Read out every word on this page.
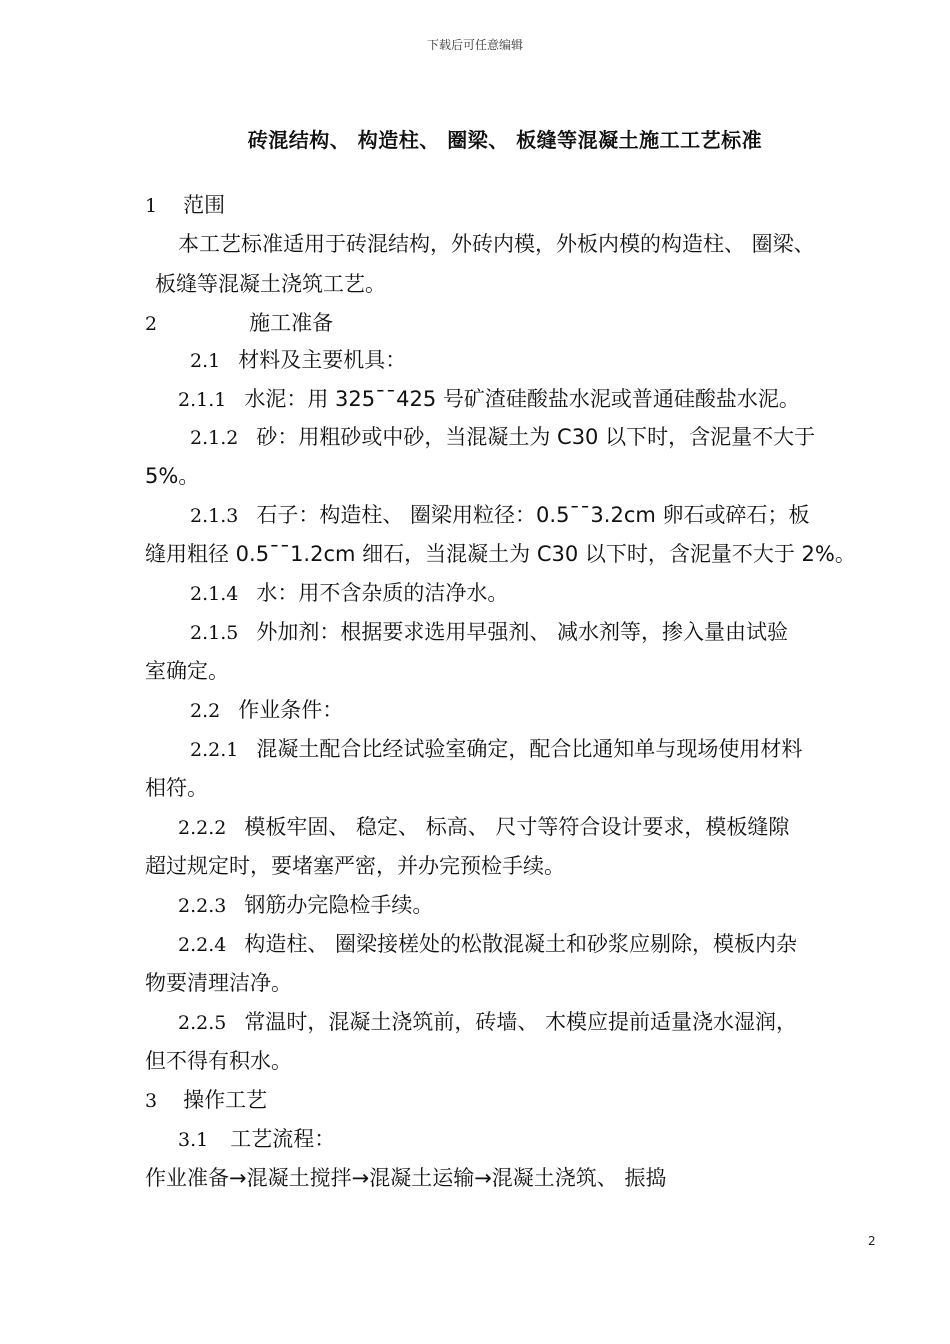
下载后可任意编辑
砖混结构、 构造柱、 圈梁、 板缝等混凝土施工工艺标准
1 范围
本工艺标准适用于砖混结构，外砖内模，外板内模的构造柱、 圈梁、
板缝等混凝土浇筑工艺。
2	施工准备
2.1 材料及主要机具：
2.1.1 水泥：用 325¯¯425 号矿渣硅酸盐水泥或普通硅酸盐水泥。
2.1.2 砂：用粗砂或中砂，当混凝土为 C30 以下时，含泥量不大于
5%。
2.1.3 石子：构造柱、 圈梁用粒径：0.5¯¯3.2cm 卵石或碎石；板
缝用粗径 0.5¯¯1.2cm 细石，当混凝土为 C30 以下时，含泥量不大于 2%。
2.1.4 水：用不含杂质的洁净水。
2.1.5 外加剂：根据要求选用早强剂、 减水剂等，掺入量由试验
室确定。
2.2 作业条件：
2.2.1 混凝土配合比经试验室确定，配合比通知单与现场使用材料
相符。
2.2.2 模板牢固、 稳定、 标高、 尺寸等符合设计要求，模板缝隙
超过规定时，要堵塞严密，并办完预检手续。
2.2.3 钢筋办完隐检手续。
2.2.4 构造柱、 圈梁接槎处的松散混凝土和砂浆应剔除，模板内杂
物要清理洁净。
2.2.5 常温时，混凝土浇筑前，砖墙、 木模应提前适量浇水湿润，
但不得有积水。
3 操作工艺
3.1 工艺流程：
作业准备→混凝土搅拌→混凝土运输→混凝土浇筑、 振捣
2
